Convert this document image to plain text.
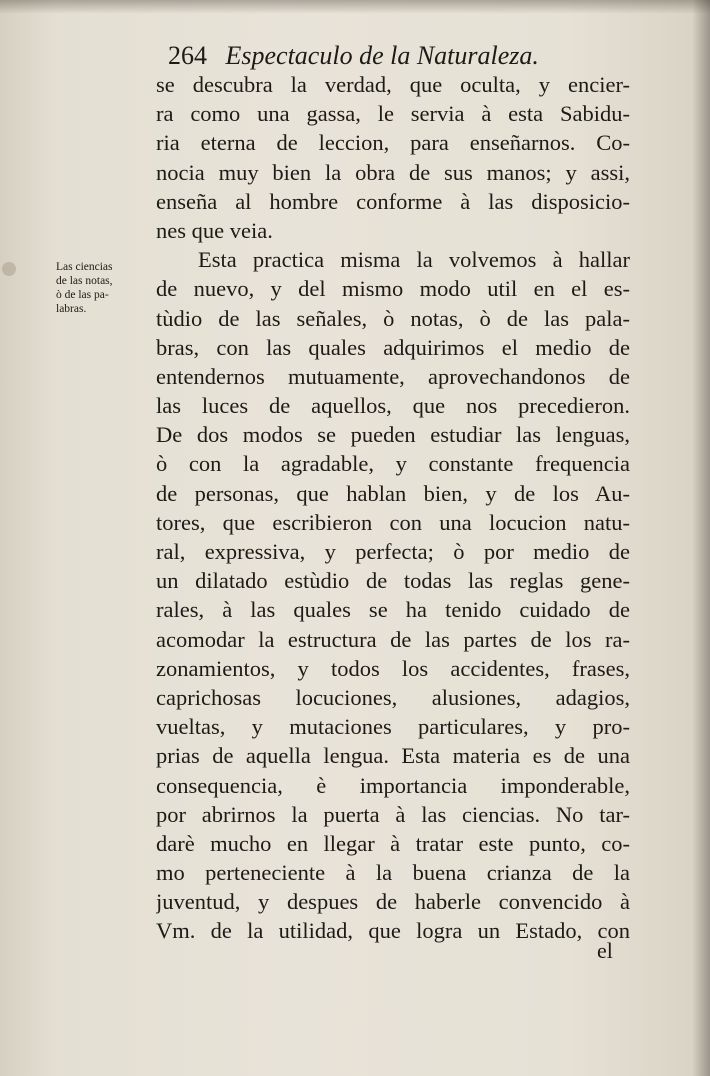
264 Espectaculo de la Naturaleza.
Las ciencias
de las notas,
ò de las pa-
labras.
se descubra la verdad, que oculta, y encier-
ra como una gassa, le servia à esta Sabidu-
ria eterna de leccion, para enseñarnos. Co-
nocia muy bien la obra de sus manos; y assi,
enseña al hombre conforme à las disposicio-
nes que veia.
Esta practica misma la volvemos à hallar
de nuevo, y del mismo modo util en el es-
tùdio de las señales, ò notas, ò de las pala-
bras, con las quales adquirimos el medio de
entendernos mutuamente, aprovechandonos de
las luces de aquellos, que nos precedieron.
De dos modos se pueden estudiar las lenguas,
ò con la agradable, y constante frequencia
de personas, que hablan bien, y de los Au-
tores, que escribieron con una locucion natu-
ral, expressiva, y perfecta; ò por medio de
un dilatado estùdio de todas las reglas gene-
rales, à las quales se ha tenido cuidado de
acomodar la estructura de las partes de los ra-
zonamientos, y todos los accidentes, frases,
caprichosas locuciones, alusiones, adagios,
vueltas, y mutaciones particulares, y pro-
prias de aquella lengua. Esta materia es de una
consequencia, è importancia imponderable,
por abrirnos la puerta à las ciencias. No tar-
darè mucho en llegar à tratar este punto, co-
mo perteneciente à la buena crianza de la
juventud, y despues de haberle convencido à
Vm. de la utilidad, que logra un Estado, con
el
